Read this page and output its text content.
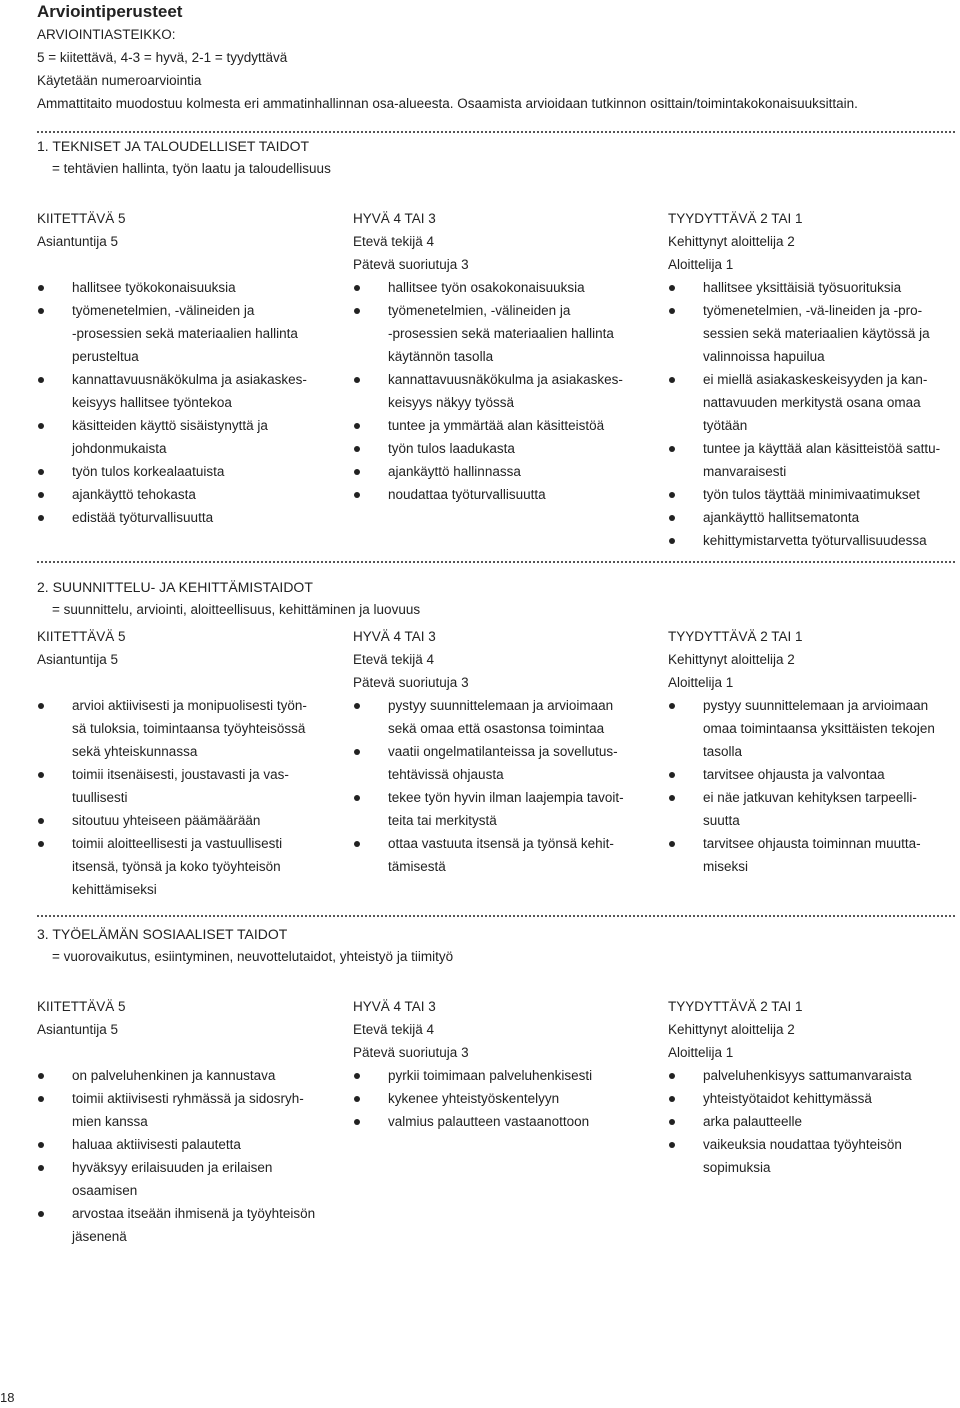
Arviointiperusteet
ARVIOINTIASTEIKKO:
5 = kiitettävä, 4-3 = hyvä, 2-1 = tyydyttävä
Käytetään numeroarviointia
Ammattitaito muodostuu kolmesta eri ammatinhallinnan osa-alueesta. Osaamista arvioidaan tutkinnon osittain/toimintakokonaisuuksittain.
1. TEKNISET JA TALOUDELLISET TAIDOT
= tehtävien hallinta, työn laatu ja taloudellisuus
KIITETTÄVÄ 5
Asiantuntija 5
hallitsee työkokonaisuuksia
työmenetelmien, -välineiden ja
-prosessien sekä materiaalien hallinta
perusteltua
kannattavuusnäkökulma ja asiakaskes-
keisyys hallitsee työntekoa
käsitteiden käyttö sisäistynyttä ja
johdonmukaista
työn tulos korkealaatuista
ajankäyttö tehokasta
edistää työturvallisuutta
HYVÄ 4 TAI 3
Etevä tekijä 4
Pätevä suoriutuja 3
hallitsee työn osakokonaisuuksia
työmenetelmien, -välineiden ja
-prosessien sekä materiaalien hallinta
käytännön tasolla
kannattavuusnäkökulma ja asiakaskes-
keisyys näkyy työssä
tuntee ja ymmärtää alan käsitteistöä
työn tulos laadukasta
ajankäyttö hallinnassa
noudattaa työturvallisuutta
TYYDYTTÄVÄ 2 TAI 1
Kehittynyt aloittelija 2
Aloittelija 1
hallitsee yksittäisiä työsuorituksia
työmenetelmien, -vä-lineiden ja -pro-
sessien sekä materiaalien käytössä ja
valinnoissa hapuilua
ei miellä asiakaskeskeisyyden ja kan-
nattavuuden merkitystä osana omaa
työtään
tuntee ja käyttää alan käsitteistöä sattu-
manvaraisesti
työn tulos täyttää minimivaatimukset
ajankäyttö hallitsematonta
kehittymistarvetta työturvallisuudessa
2. SUUNNITTELU- JA KEHITTÄMISTAIDOT
= suunnittelu, arviointi, aloitteellisuus, kehittäminen ja luovuus
KIITETTÄVÄ 5
Asiantuntija 5
arvioi aktiivisesti ja monipuolisesti työn-
sä tuloksia, toimintaansa työyhteisössä
sekä yhteiskunnassa
toimii itsenäisesti, joustavasti ja vas-
tuullisesti
sitoutuu yhteiseen päämäärään
toimii aloitteellisesti ja vastuullisesti
itsensä, työnsä ja koko työyhteisön
kehittämiseksi
HYVÄ 4 TAI 3
Etevä tekijä 4
Pätevä suoriutuja 3
pystyy suunnittelemaan ja arvioimaan
sekä omaa että osastonsa toimintaa
vaatii ongelmatilanteissa ja sovellutus-
tehtävissä ohjausta
tekee työn hyvin ilman laajempia tavoit-
teita tai merkitystä
ottaa vastuuta itsensä ja työnsä kehit-
tämisestä
TYYDYTTÄVÄ 2 TAI 1
Kehittynyt aloittelija 2
Aloittelija 1
pystyy suunnittelemaan ja arvioimaan
omaa toimintaansa yksittäisten tekojen
tasolla
tarvitsee ohjausta ja valvontaa
ei näe jatkuvan kehityksen tarpeelli-
suutta
tarvitsee ohjausta toiminnan muutta-
miseksi
3. TYÖELÄMÄN SOSIAALISET TAIDOT
= vuorovaikutus, esiintyminen, neuvottelutaidot, yhteistyö ja tiimityö
KIITETTÄVÄ 5
Asiantuntija 5
on palveluhenkinen ja kannustava
toimii aktiivisesti ryhmässä ja sidosryh-
mien kanssa
haluaa aktiivisesti palautetta
hyväksyy erilaisuuden ja erilaisen
osaamisen
arvostaa itseään ihmisenä ja työyhteisön
jäsenenä
HYVÄ 4 TAI 3
Etevä tekijä 4
Pätevä suoriutuja 3
pyrkii toimimaan palveluhenkisesti
kykenee yhteistyöskentelyyn
valmius palautteen vastaanottoon
TYYDYTTÄVÄ 2 TAI 1
Kehittynyt aloittelija 2
Aloittelija 1
palveluhenkisyys sattumanvaraista
yhteistyötaidot kehittymässä
arka palautteelle
vaikeuksia noudattaa työyhteisön
sopimuksia
18
